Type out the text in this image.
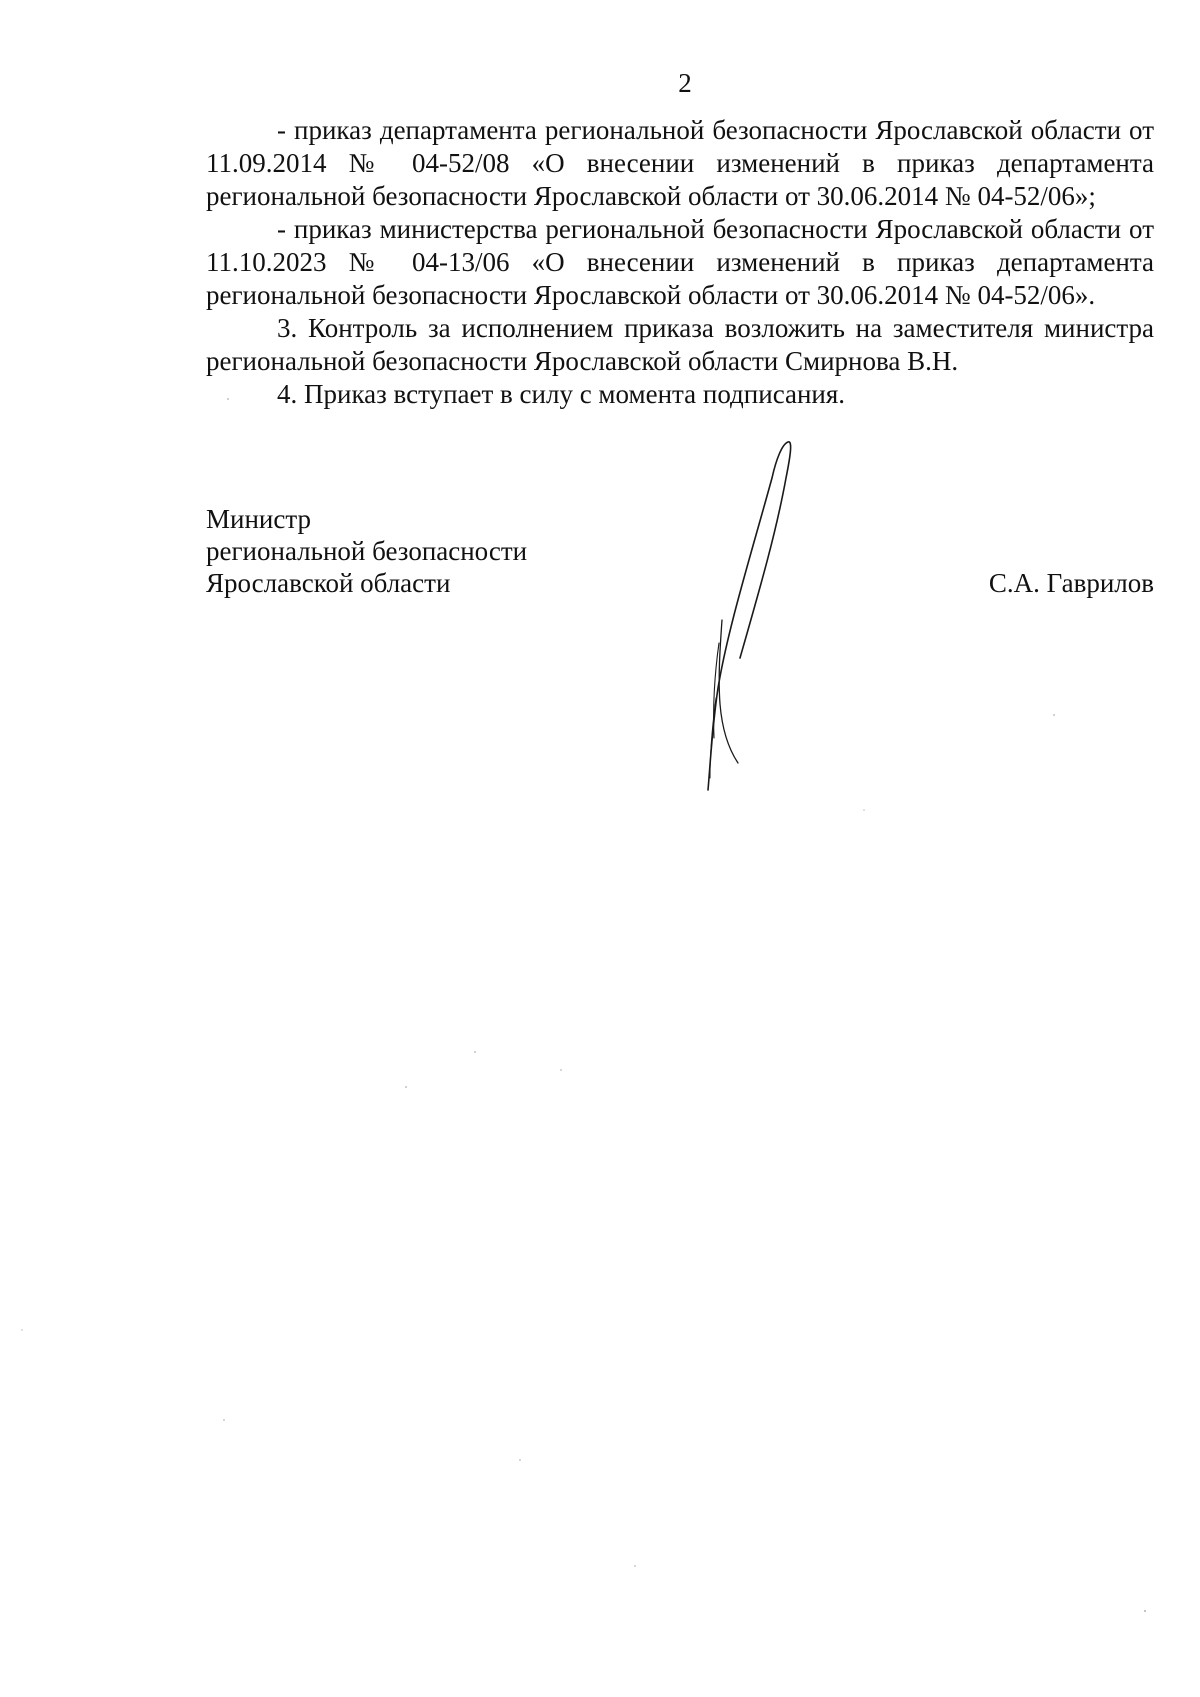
2

- приказ департамента региональной безопасности Ярославской области от 11.09.2014 № 04-52/08 «О внесении изменений в приказ департамента региональной безопасности Ярославской области от 30.06.2014 № 04-52/06»;

- приказ министерства региональной безопасности Ярославской области от 11.10.2023 № 04-13/06 «О внесении изменений в приказ департамента региональной безопасности Ярославской области от 30.06.2014 № 04-52/06».

3. Контроль за исполнением приказа возложить на заместителя министра региональной безопасности Ярославской области Смирнова В.Н.

4. Приказ вступает в силу с момента подписания.

Министр
региональной безопасности
Ярославской области	С.А. Гаврилов
